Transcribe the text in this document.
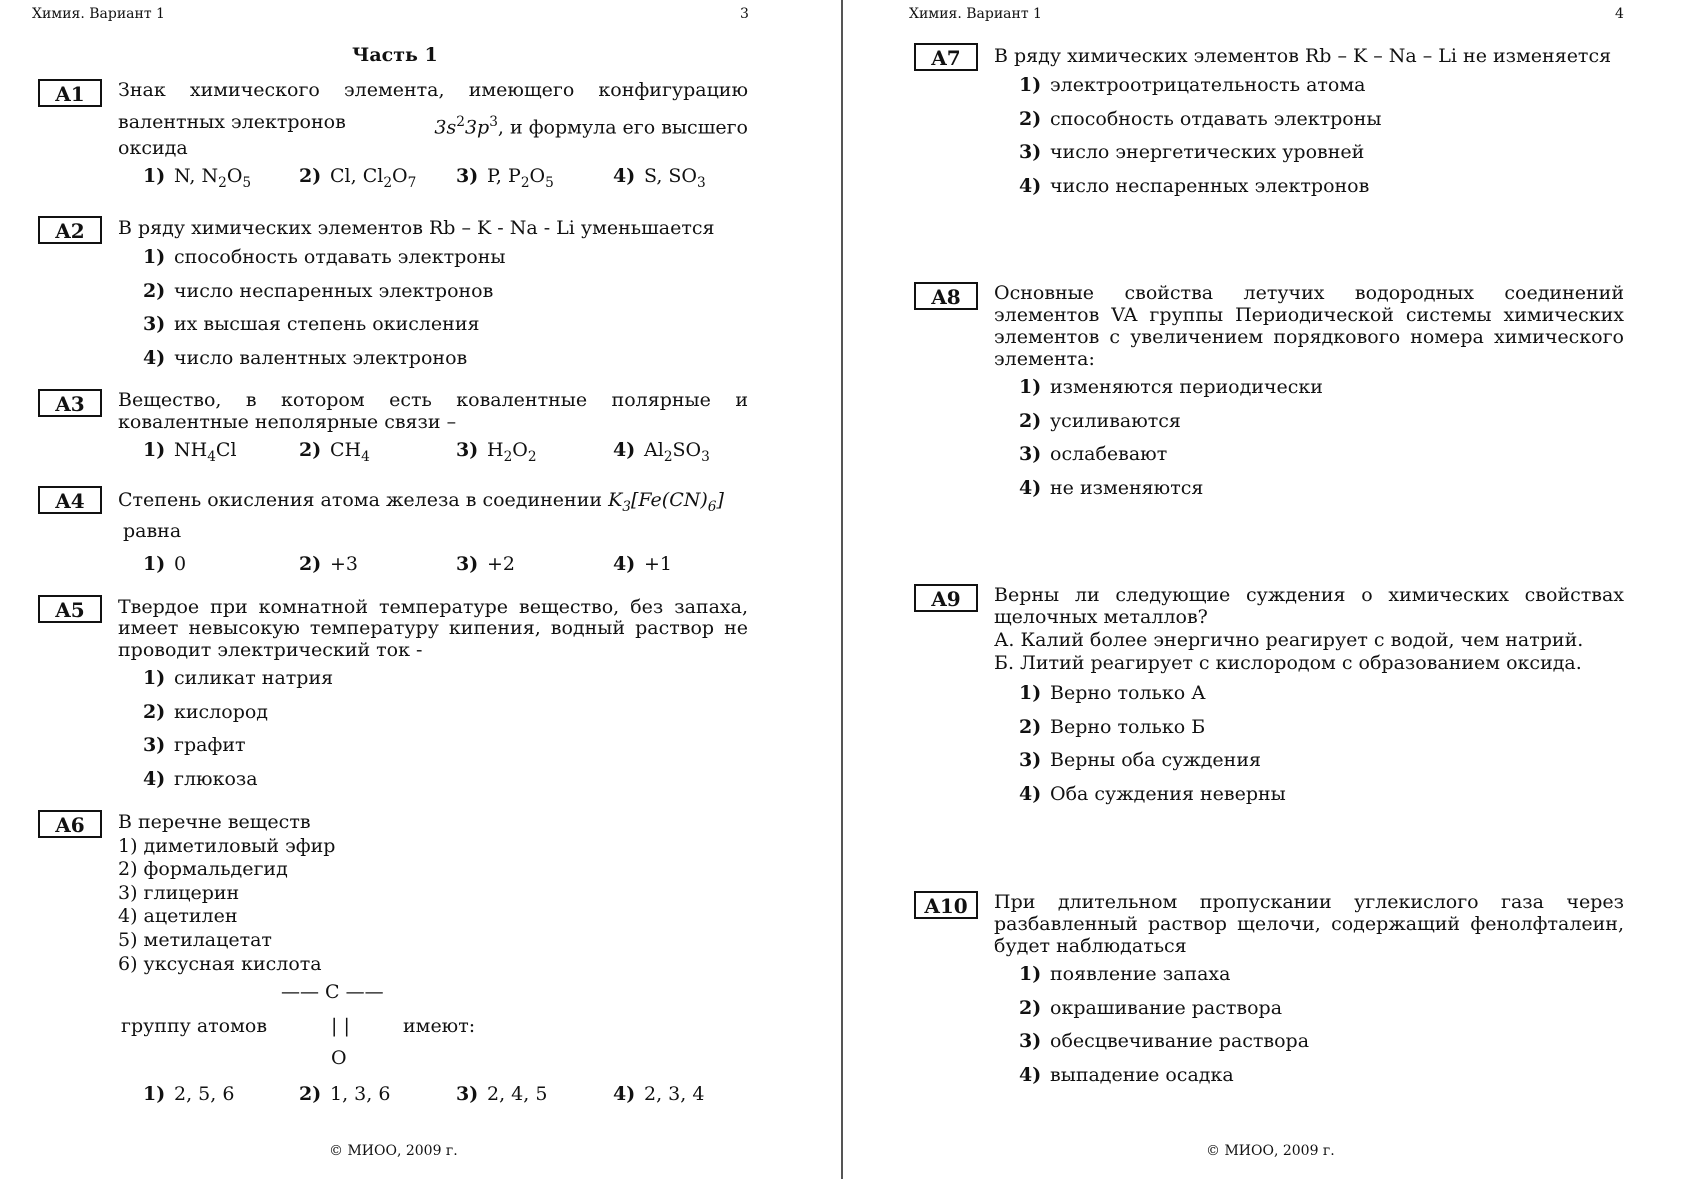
Химия. Вариант 1	3
Часть 1
A1	Знак химического элемента, имеющего конфигурацию
валентных электронов	$3s^23p^3$, и формула его высшего
оксида
1) N, $N_2O_5$	2) Cl, $Cl_2O_7$ 3) P, $P_2O_5$	4) S, $SO_3$
A2	В ряду химических элементов Rb – K - Na - Li уменьшается
1) способность отдавать электроны
2) число неспаренных электронов
3) их высшая степень окисления
4) число валентных электронов
A3	Вещество, в котором есть ковалентные полярные и
ковалентные неполярные связи –
1) $NH_4Cl$	2) $CH_4$	3) $H_2O_2$	4) $Al_2SO_3$
A4	Степень окисления атома железа в соединении $K_3[Fe(CN)_6]$
равна
1) 0	2) +3	3) +2	4) +1
A5	Твердое при комнатной температуре вещество, без запаха,
имеет невысокую температуру кипения, водный раствор не
проводит электрический ток -
1) силикат натрия
2) кислород
3) графит
4) глюкоза
A6	В перечне веществ
1) диметиловый эфир
2) формальдегид
3) глицерин
4) ацетилен
5) метилацетат
6) уксусная кислота
—— C ——
группу атомов	| |	имеют:
O
1) 2, 5, 6	2) 1, 3, 6	3) 2, 4, 5	4) 2, 3, 4
© МИОО, 2009 г.
Химия. Вариант 1	4
A7	В ряду химических элементов Rb – K – Na – Li не изменяется
1) электроотрицательность атома
2) способность отдавать электроны
3) число энергетических уровней
4) число неспаренных электронов
A8	Основные свойства летучих водородных соединений
элементов VA группы Периодической системы химических
элементов с увеличением порядкового номера химического
элемента:
1) изменяются периодически
2) усиливаются
3) ослабевают
4) не изменяются
A9	Верны ли следующие суждения о химических свойствах
щелочных металлов?
А. Калий более энергично реагирует с водой, чем натрий.
Б. Литий реагирует с кислородом с образованием оксида.
1) Верно только А
2) Верно только Б
3) Верны оба суждения
4) Оба суждения неверны
A10	При длительном пропускании углекислого газа через
разбавленный раствор щелочи, содержащий фенолфталеин,
будет наблюдаться
1) появление запаха
2) окрашивание раствора
3) обесцвечивание раствора
4) выпадение осадка
© МИОО, 2009 г.
